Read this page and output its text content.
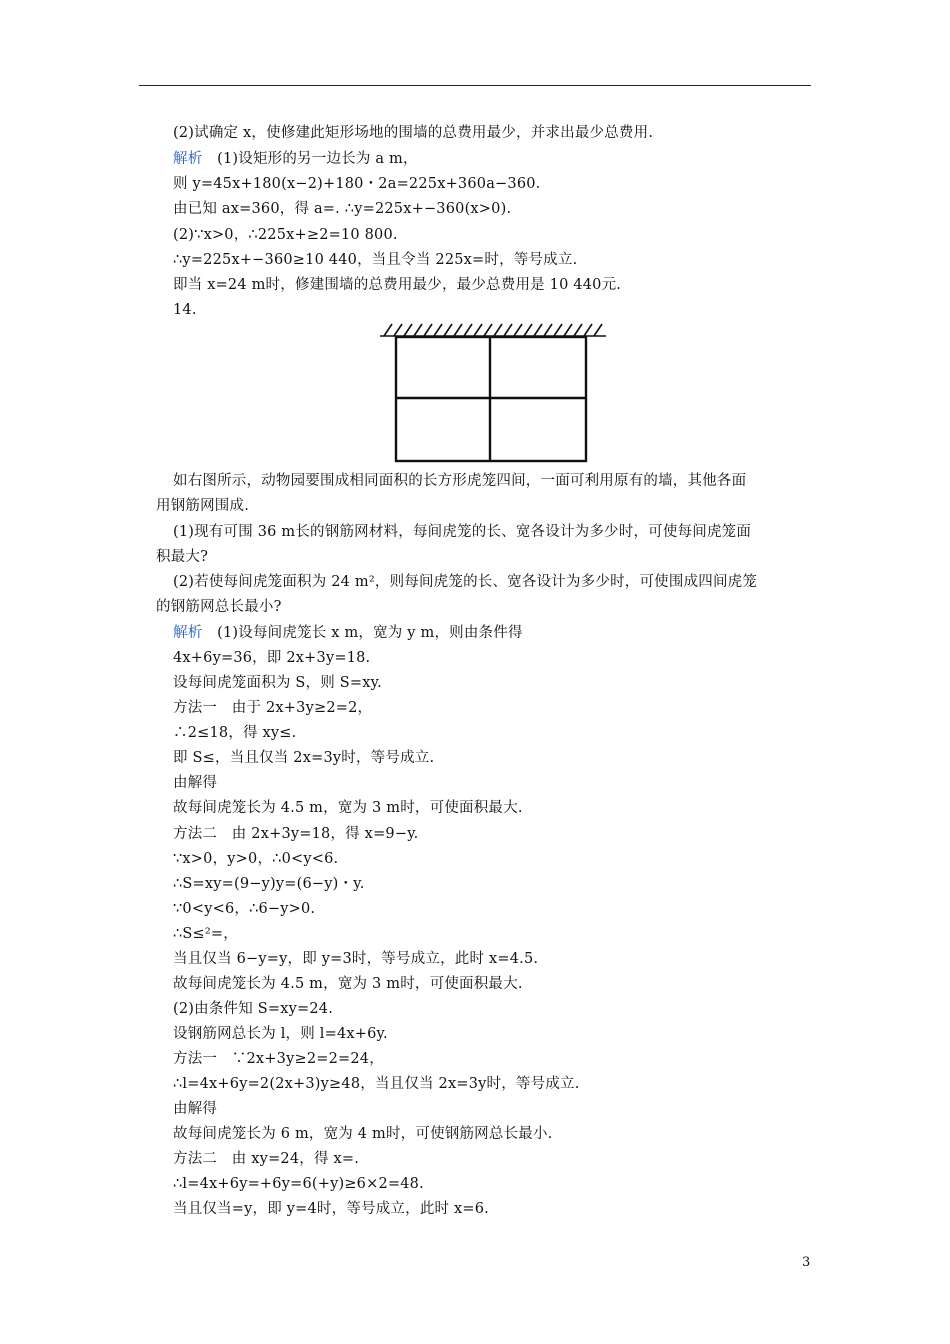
(2)试确定 x，使修建此矩形场地的围墙的总费用最少，并求出最少总费用.
解析　(1)设矩形的另一边长为 a m，
则 y=45x+180(x−2)+180・2a=225x+360a−360.
由已知 ax=360，得 a=. ∴y=225x+−360(x>0).
(2)∵x>0，∴225x+≥2=10 800.
∴y=225x+−360≥10 440，当且令当 225x=时，等号成立.
即当 x=24 m时，修建围墙的总费用最少，最少总费用是 10 440元.
14.
如右图所示，动物园要围成相同面积的长方形虎笼四间，一面可利用原有的墙，其他各面
用钢筋网围成.
(1)现有可围 36 m长的钢筋网材料，每间虎笼的长、宽各设计为多少时，可使每间虎笼面
积最大?
(2)若使每间虎笼面积为 24 m²，则每间虎笼的长、宽各设计为多少时，可使围成四间虎笼
的钢筋网总长最小?
解析　(1)设每间虎笼长 x m，宽为 y m，则由条件得
4x+6y=36，即 2x+3y=18.
设每间虎笼面积为 S，则 S=xy.
方法一　由于 2x+3y≥2=2，
∴2≤18，得 xy≤.
即 S≤，当且仅当 2x=3y时，等号成立.
由解得
故每间虎笼长为 4.5 m，宽为 3 m时，可使面积最大.
方法二　由 2x+3y=18，得 x=9−y.
∵x>0，y>0，∴0<y<6.
∴S=xy=(9−y)y=(6−y)・y.
∵0<y<6，∴6−y>0.
∴S≤²=，
当且仅当 6−y=y，即 y=3时，等号成立，此时 x=4.5.
故每间虎笼长为 4.5 m，宽为 3 m时，可使面积最大.
(2)由条件知 S=xy=24.
设钢筋网总长为 l，则 l=4x+6y.
方法一　∵2x+3y≥2=2=24，
∴l=4x+6y=2(2x+3)y≥48，当且仅当 2x=3y时，等号成立.
由解得
故每间虎笼长为 6 m，宽为 4 m时，可使钢筋网总长最小.
方法二　由 xy=24，得 x=.
∴l=4x+6y=+6y=6(+y)≥6×2=48.
当且仅当=y，即 y=4时，等号成立，此时 x=6.
3
